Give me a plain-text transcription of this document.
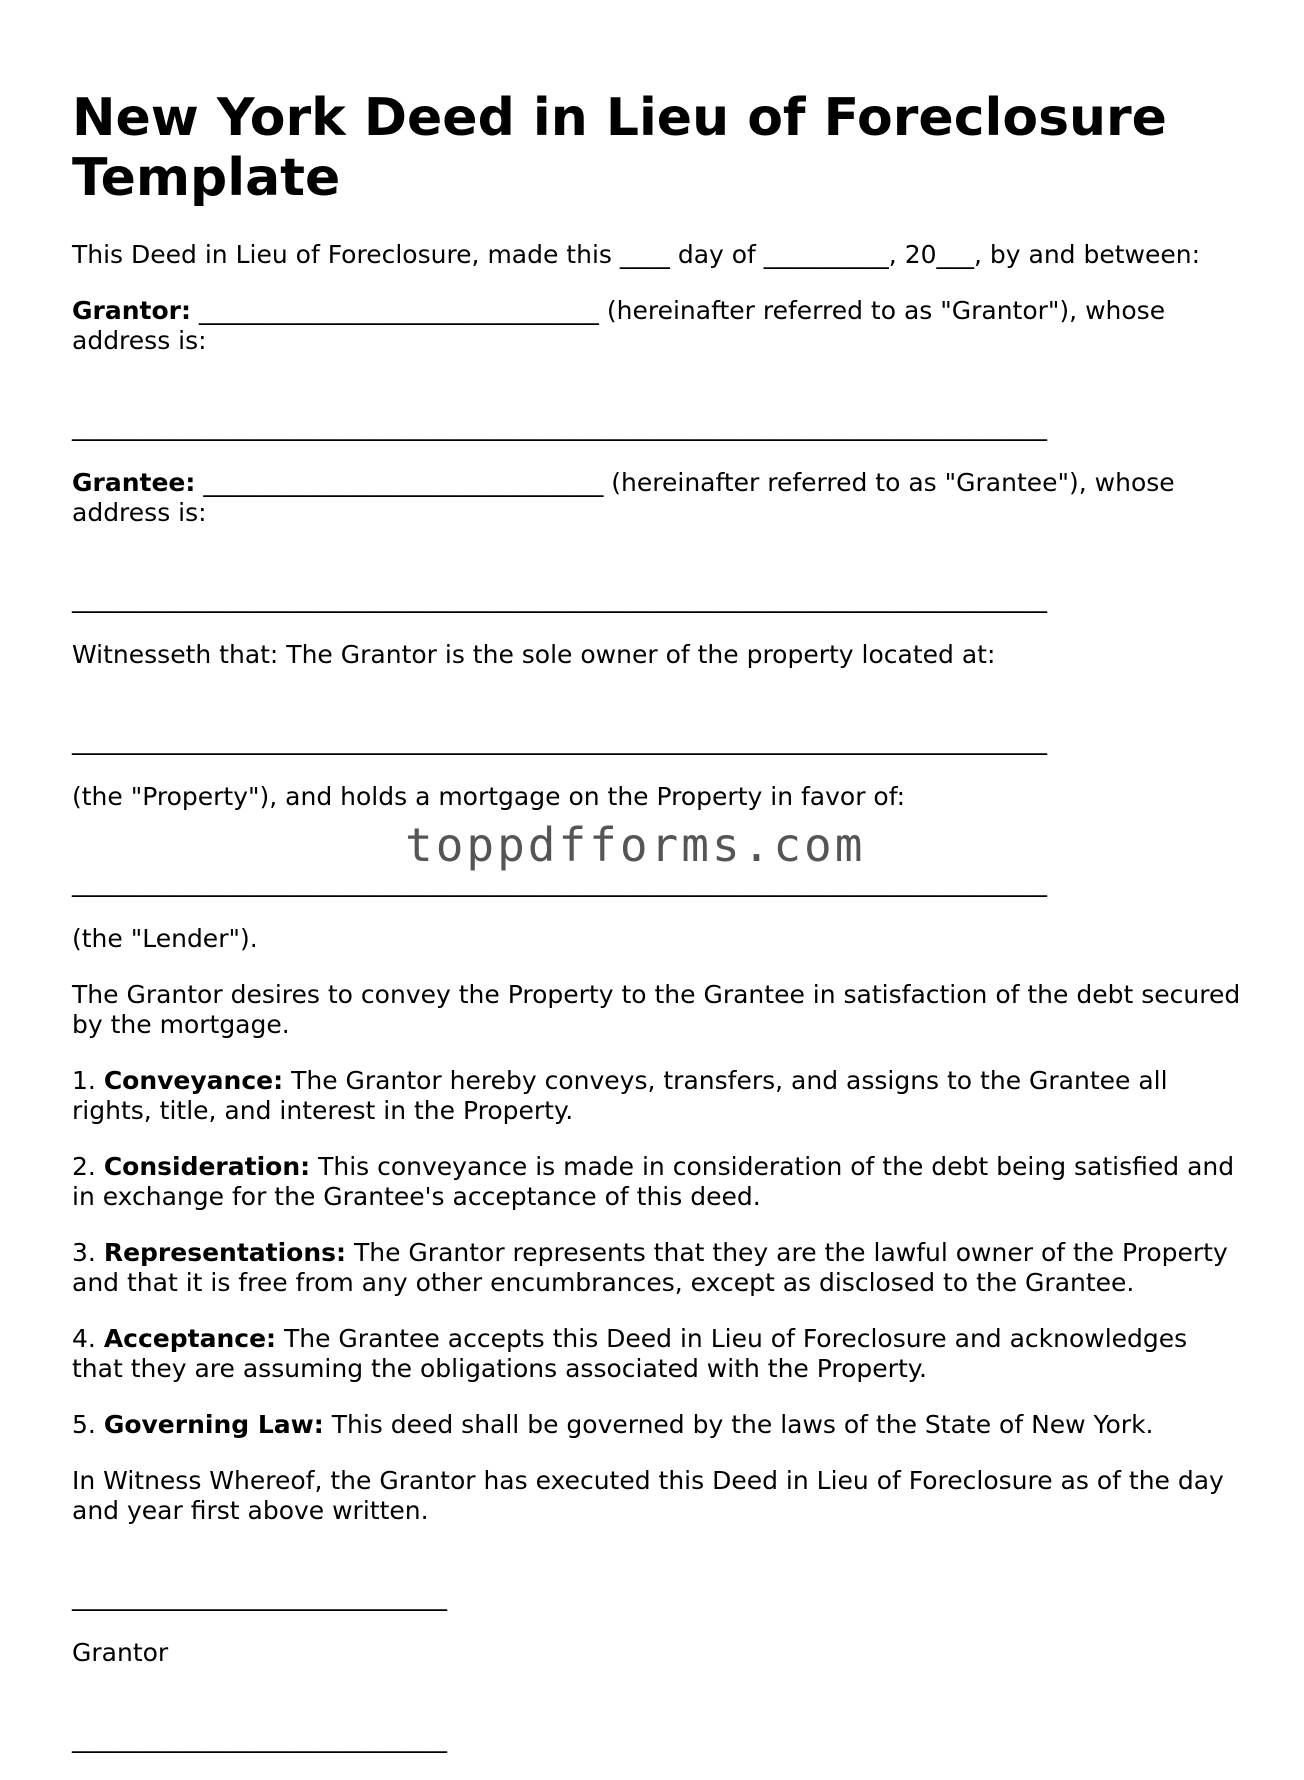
New York Deed in Lieu of Foreclosure Template

This Deed in Lieu of Foreclosure, made this ____ day of __________, 20___, by and between:

Grantor: ________________________________ (hereinafter referred to as "Grantor"), whose address is:

______________________________________________________________________________

Grantee: ________________________________ (hereinafter referred to as "Grantee"), whose address is:

______________________________________________________________________________

Witnesseth that: The Grantor is the sole owner of the property located at:

______________________________________________________________________________

(the "Property"), and holds a mortgage on the Property in favor of:

______________________________________________________________________________

(the "Lender").

The Grantor desires to convey the Property to the Grantee in satisfaction of the debt secured by the mortgage.

1. Conveyance: The Grantor hereby conveys, transfers, and assigns to the Grantee all rights, title, and interest in the Property.

2. Consideration: This conveyance is made in consideration of the debt being satisfied and in exchange for the Grantee's acceptance of this deed.

3. Representations: The Grantor represents that they are the lawful owner of the Property and that it is free from any other encumbrances, except as disclosed to the Grantee.

4. Acceptance: The Grantee accepts this Deed in Lieu of Foreclosure and acknowledges that they are assuming the obligations associated with the Property.

5. Governing Law: This deed shall be governed by the laws of the State of New York.

In Witness Whereof, the Grantor has executed this Deed in Lieu of Foreclosure as of the day and year first above written.

______________________________

Grantor

______________________________
toppdfforms.com
